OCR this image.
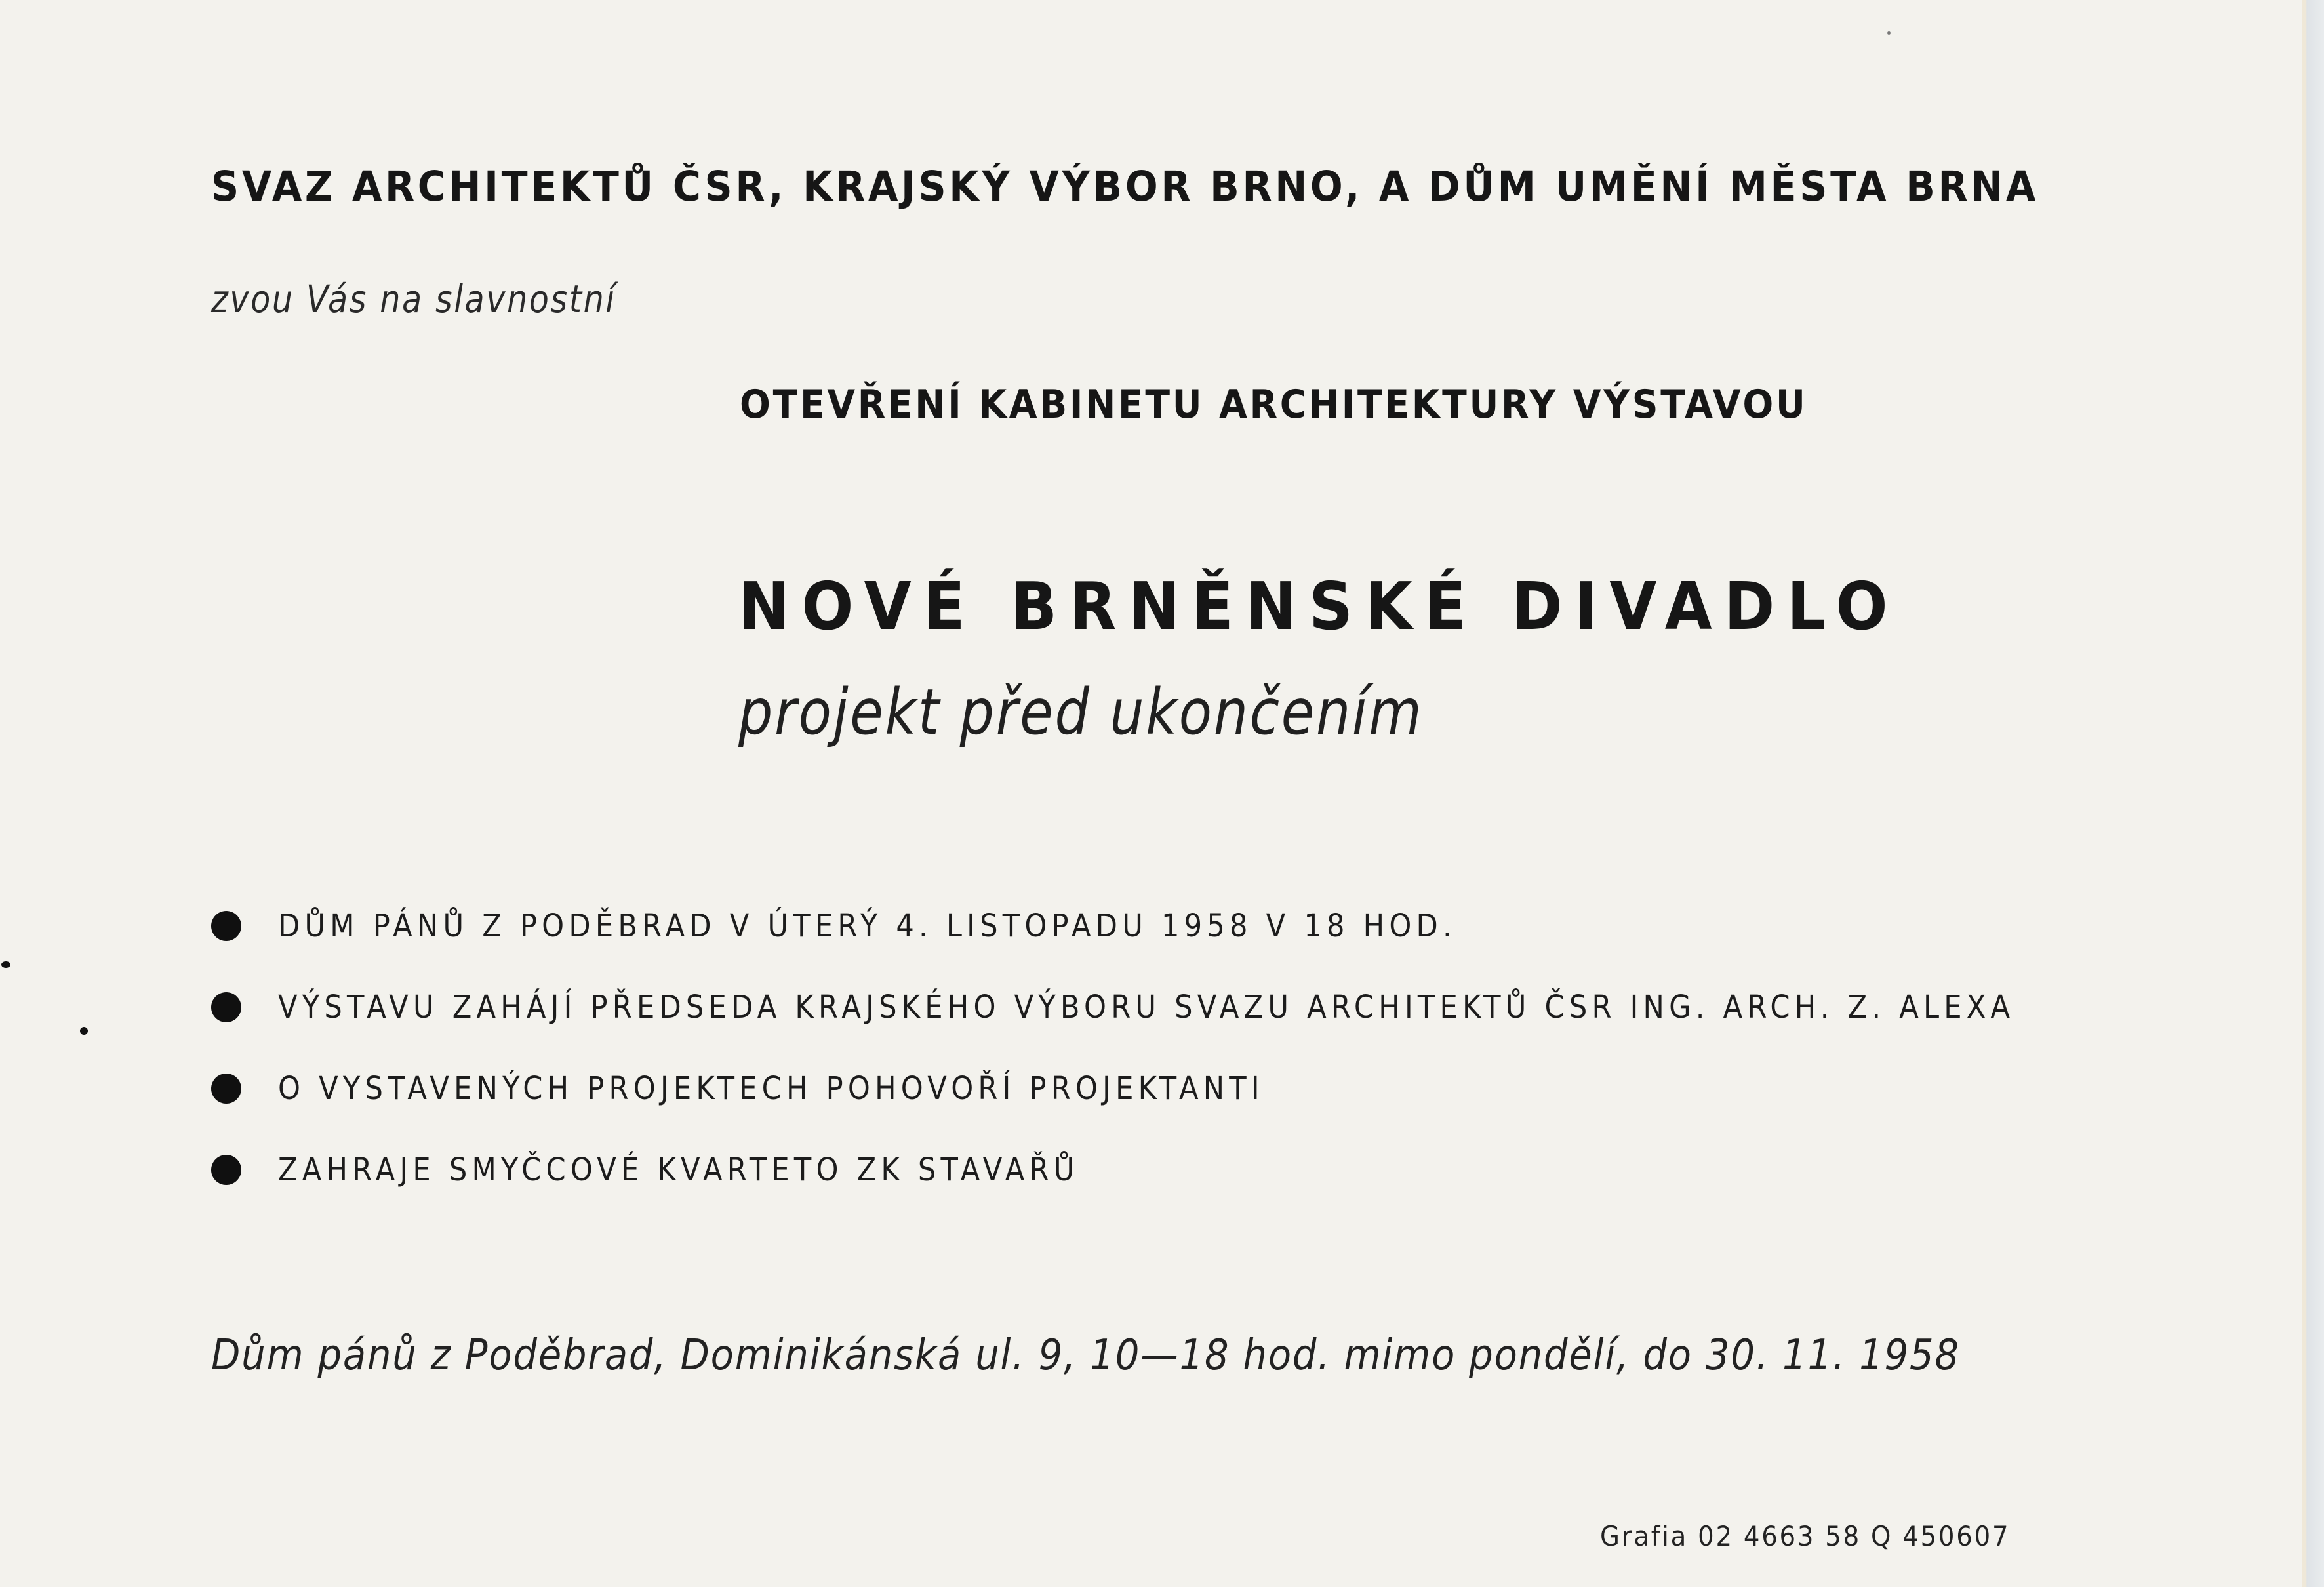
SVAZ ARCHITEKTŮ ČSR, KRAJSKÝ VÝBOR BRNO, A DŮM UMĚNÍ MĚSTA BRNA
zvou Vás na slavnostní
OTEVŘENÍ KABINETU ARCHITEKTURY VÝSTAVOU
NOVÉ BRNĚNSKÉ DIVADLO
projekt před ukončením
DŮM PÁNŮ Z PODĚBRAD V ÚTERÝ 4. LISTOPADU 1958 V 18 HOD.
VÝSTAVU ZAHÁJÍ PŘEDSEDA KRAJSKÉHO VÝBORU SVAZU ARCHITEKTŮ ČSR ING. ARCH. Z. ALEXA
O VYSTAVENÝCH PROJEKTECH POHOVOŘÍ PROJEKTANTI
ZAHRAJE SMYČCOVÉ KVARTETO ZK STAVAŘŮ
Dům pánů z Poděbrad, Dominikánská ul. 9, 10—18 hod. mimo pondělí, do 30. 11. 1958
Grafia 02 4663 58 Q 450607
